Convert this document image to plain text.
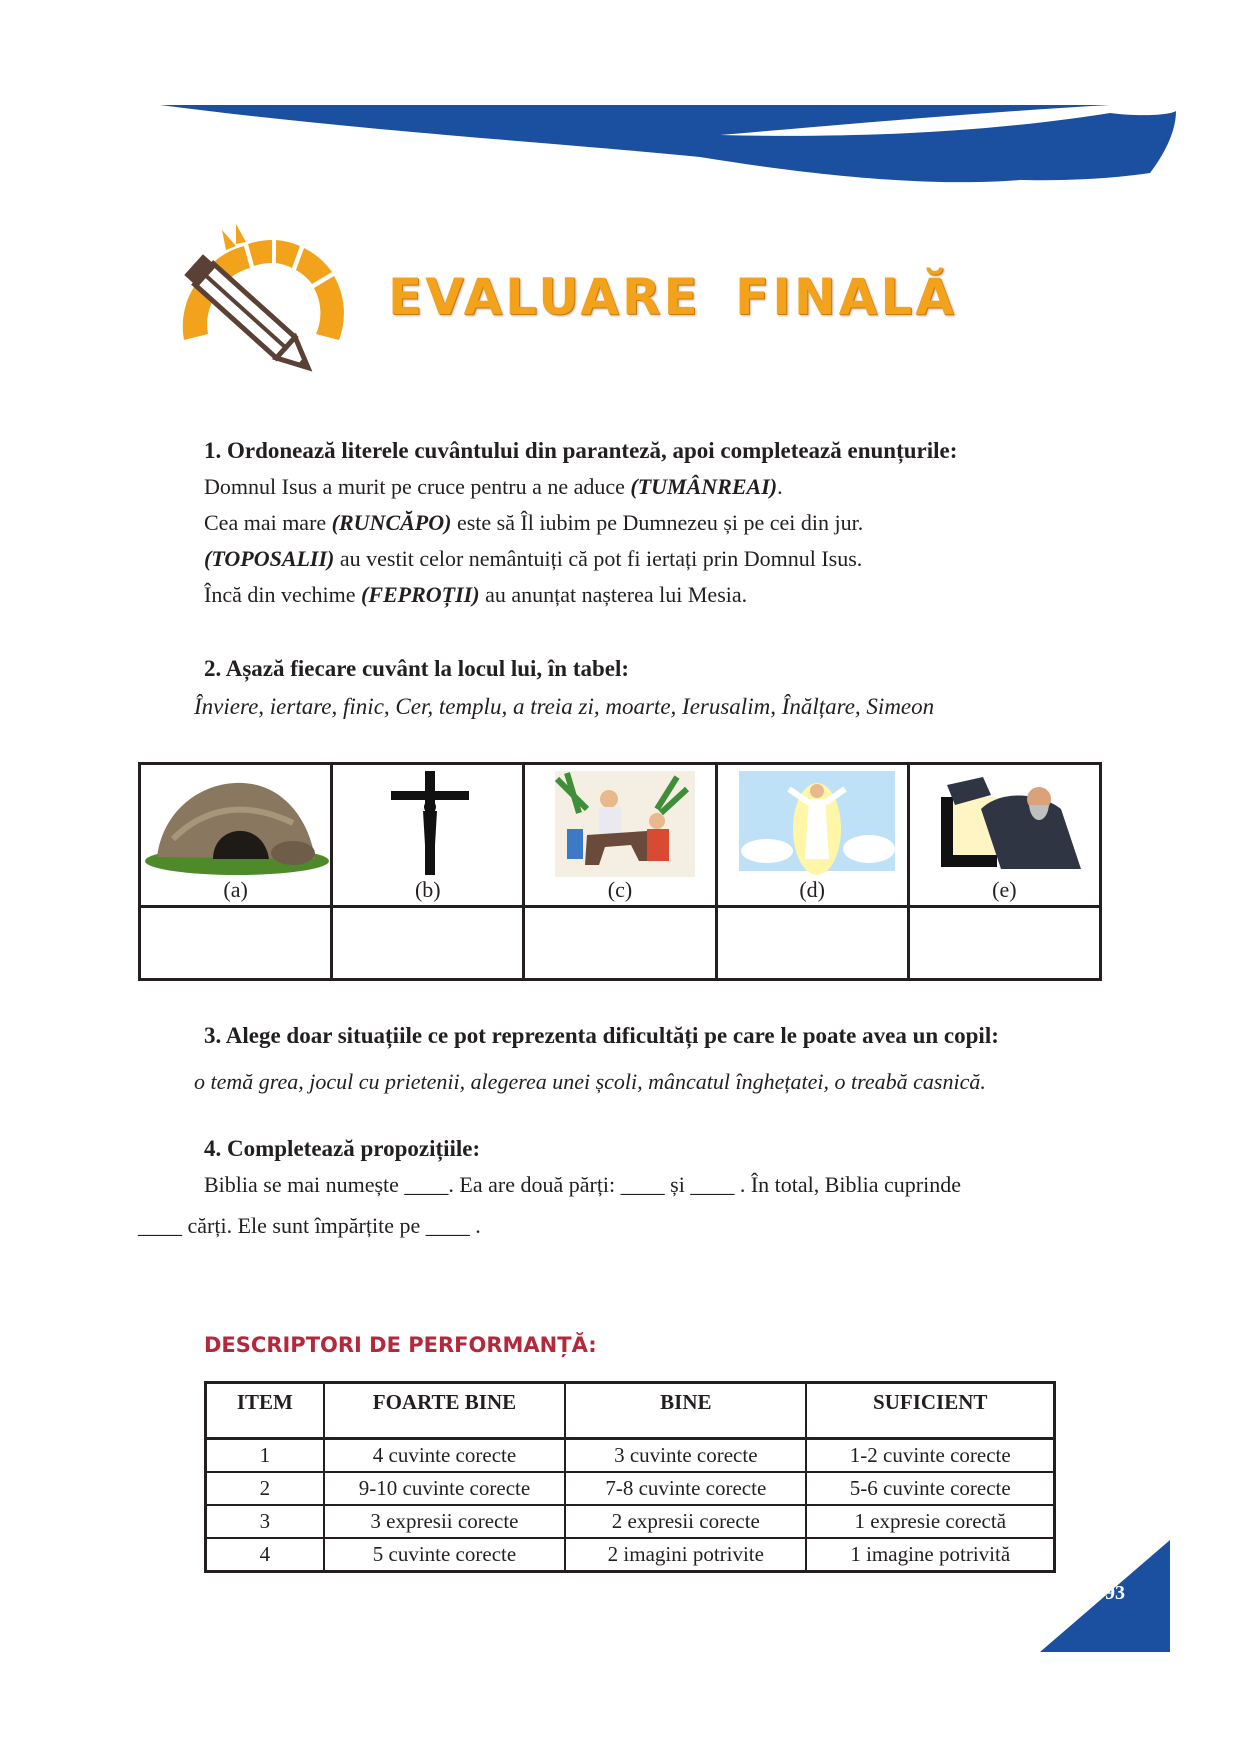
EVALUARE FINALĂ
1. Ordonează literele cuvântului din paranteză, apoi completează enunțurile:
Domnul Isus a murit pe cruce pentru a ne aduce (TUMÂNREAI).
Cea mai mare (RUNCĂPO) este să Îl iubim pe Dumnezeu și pe cei din jur.
(TOPOSALII) au vestit celor nemântuiți că pot fi iertați prin Domnul Isus.
Încă din vechime (FEPROȚII) au anunțat nașterea lui Mesia.
2. Așază fiecare cuvânt la locul lui, în tabel:
Înviere, iertare, finic, Cer, templu, a treia zi, moarte, Ierusalim, Înălțare, Simeon
(a)	(b)	(c)	(d)	(e)

3. Alege doar situațiile ce pot reprezenta dificultăți pe care le poate avea un copil:
o temă grea, jocul cu prietenii, alegerea unei școli, mâncatul înghețatei, o treabă casnică.
4. Completează propozițiile:
Biblia se mai numește ____. Ea are două părți: ____ și ____ . În total, Biblia cuprinde
____ cărți. Ele sunt împărțite pe ____ .
DESCRIPTORI DE PERFORMANȚĂ:
ITEM	FOARTE BINE	BINE	SUFICIENT
1	4 cuvinte corecte	3 cuvinte corecte	1-2 cuvinte corecte
2	9-10 cuvinte corecte	7-8 cuvinte corecte	5-6 cuvinte corecte
3	3 expresii corecte	2 expresii corecte	1 expresie corectă
4	5 cuvinte corecte	2 imagini potrivite	1 imagine potrivită
93
